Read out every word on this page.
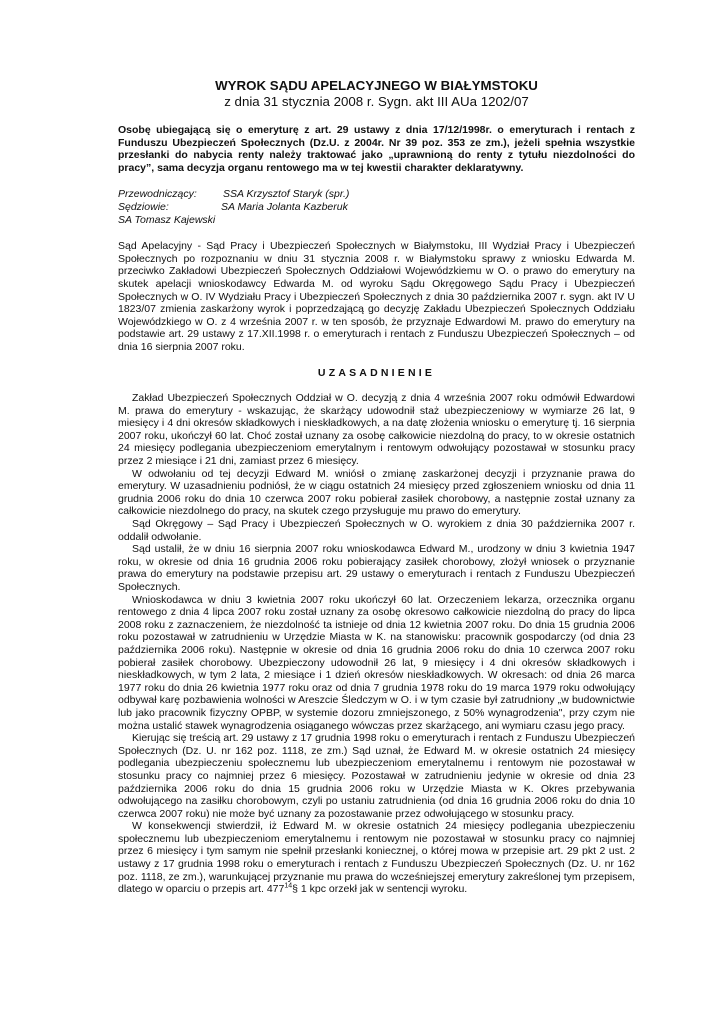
WYROK SĄDU APELACYJNEGO W BIAŁYMSTOKU

z dnia 31 stycznia 2008 r. Sygn. akt III AUa 1202/07

Osobę ubiegającą się o emeryturę z art. 29 ustawy z dnia 17/12/1998r. o emeryturach i rentach z Funduszu Ubezpieczeń Społecznych (Dz.U. z 2004r. Nr 39 poz. 353 ze zm.), jeżeli spełnia wszystkie przesłanki do nabycia renty należy traktować jako „uprawnioną do renty z tytułu niezdolności do pracy”, sama decyzja organu rentowego ma w tej kwestii charakter deklaratywny.

Przewodniczący:	SSA Krzysztof Staryk (spr.)
Sędziowie:	SA Maria Jolanta Kazberuk
SA Tomasz Kajewski

Sąd Apelacyjny - Sąd Pracy i Ubezpieczeń Społecznych w Białymstoku, III Wydział Pracy i Ubezpieczeń Społecznych po rozpoznaniu w dniu 31 stycznia 2008 r. w Białymstoku sprawy z wniosku Edwarda M. przeciwko Zakładowi Ubezpieczeń Społecznych Oddziałowi Wojewódzkiemu w O. o prawo do emerytury na skutek apelacji wnioskodawcy Edwarda M. od wyroku Sądu Okręgowego Sądu Pracy i Ubezpieczeń Społecznych w O. IV Wydziału Pracy i Ubezpieczeń Społecznych z dnia 30 października 2007 r. sygn. akt IV U 1823/07 zmienia zaskarżony wyrok i poprzedzającą go decyzję Zakładu Ubezpieczeń Społecznych Oddziału Wojewódzkiego w O. z 4 września 2007 r. w ten sposób, że przyznaje Edwardowi M. prawo do emerytury na podstawie art. 29 ustawy z 17.XII.1998 r. o emeryturach i rentach z Funduszu Ubezpieczeń Społecznych – od dnia 16 sierpnia 2007 roku.

UZASADNIENIE

Zakład Ubezpieczeń Społecznych Oddział w O. decyzją z dnia 4 września 2007 roku odmówił Edwardowi M. prawa do emerytury - wskazując, że skarżący udowodnił staż ubezpieczeniowy w wymiarze 26 lat, 9 miesięcy i 4 dni okresów składkowych i nieskładkowych, a na datę złożenia wniosku o emeryturę tj. 16 sierpnia 2007 roku, ukończył 60 lat. Choć został uznany za osobę całkowicie niezdolną do pracy, to w okresie ostatnich 24 miesięcy podlegania ubezpieczeniom emerytalnym i rentowym odwołujący pozostawał w stosunku pracy przez 2 miesiące i 21 dni, zamiast przez 6 miesięcy.

W odwołaniu od tej decyzji Edward M. wniósł o zmianę zaskarżonej decyzji i przyznanie prawa do emerytury. W uzasadnieniu podniósł, że w ciągu ostatnich 24 miesięcy przed zgłoszeniem wniosku od dnia 11 grudnia 2006 roku do dnia 10 czerwca 2007 roku pobierał zasiłek chorobowy, a następnie został uznany za całkowicie niezdolnego do pracy, na skutek czego przysługuje mu prawo do emerytury.

Sąd Okręgowy – Sąd Pracy i Ubezpieczeń Społecznych w O. wyrokiem z dnia 30 października 2007 r. oddalił odwołanie.

Sąd ustalił, że w dniu 16 sierpnia 2007 roku wnioskodawca Edward M., urodzony w dniu 3 kwietnia 1947 roku, w okresie od dnia 16 grudnia 2006 roku pobierający zasiłek chorobowy, złożył wniosek o przyznanie prawa do emerytury na podstawie przepisu art. 29 ustawy o emeryturach i rentach z Funduszu Ubezpieczeń Społecznych.

Wnioskodawca w dniu 3 kwietnia 2007 roku ukończył 60 lat. Orzeczeniem lekarza, orzecznika organu rentowego z dnia 4 lipca 2007 roku został uznany za osobę okresowo całkowicie niezdolną do pracy do lipca 2008 roku z zaznaczeniem, że niezdolność ta istnieje od dnia 12 kwietnia 2007 roku. Do dnia 15 grudnia 2006 roku pozostawał w zatrudnieniu w Urzędzie Miasta w K. na stanowisku: pracownik gospodarczy (od dnia 23 października 2006 roku). Następnie w okresie od dnia 16 grudnia 2006 roku do dnia 10 czerwca 2007 roku pobierał zasiłek chorobowy. Ubezpieczony udowodnił 26 lat, 9 miesięcy i 4 dni okresów składkowych i nieskładkowych, w tym 2 lata, 2 miesiące i 1 dzień okresów nieskładkowych. W okresach: od dnia 26 marca 1977 roku do dnia 26 kwietnia 1977 roku oraz od dnia 7 grudnia 1978 roku do 19 marca 1979 roku odwołujący odbywał karę pozbawienia wolności w Areszcie Śledczym w O. i w tym czasie był zatrudniony „w budownictwie lub jako pracownik fizyczny OPBP, w systemie dozoru zmniejszonego, z 50% wynagrodzenia", przy czym nie można ustalić stawek wynagrodzenia osiąganego wówczas przez skarżącego, ani wymiaru czasu jego pracy.

Kierując się treścią art. 29 ustawy z 17 grudnia 1998 roku o emeryturach i rentach z Funduszu Ubezpieczeń Społecznych (Dz. U. nr 162 poz. 1118, ze zm.) Sąd uznał, że Edward M. w okresie ostatnich 24 miesięcy podlegania ubezpieczeniu społecznemu lub ubezpieczeniom emerytalnemu i rentowym nie pozostawał w stosunku pracy co najmniej przez 6 miesięcy. Pozostawał w zatrudnieniu jedynie w okresie od dnia 23 października 2006 roku do dnia 15 grudnia 2006 roku w Urzędzie Miasta w K. Okres przebywania odwołującego na zasiłku chorobowym, czyli po ustaniu zatrudnienia (od dnia 16 grudnia 2006 roku do dnia 10 czerwca 2007 roku) nie może być uznany za pozostawanie przez odwołującego w stosunku pracy.

W konsekwencji stwierdził, iż Edward M. w okresie ostatnich 24 miesięcy podlegania ubezpieczeniu społecznemu lub ubezpieczeniom emerytalnemu i rentowym nie pozostawał w stosunku pracy co najmniej przez 6 miesięcy i tym samym nie spełnił przesłanki koniecznej, o której mowa w przepisie art. 29 pkt 2 ust. 2 ustawy z 17 grudnia 1998 roku o emeryturach i rentach z Funduszu Ubezpieczeń Społecznych (Dz. U. nr 162 poz. 1118, ze zm.), warunkującej przyznanie mu prawa do wcześniejszej emerytury zakreślonej tym przepisem, dlatego w oparciu o przepis art. $477^{14}\S$ 1 kpc orzekł jak w sentencji wyroku.
